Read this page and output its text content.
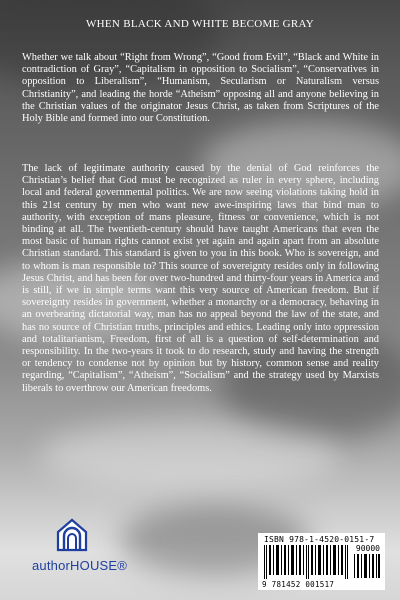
WHEN BLACK AND WHITE BECOME GRAY

Whether we talk about “Right from Wrong”, “Good from Evil”, “Black and White in contradiction of Gray”, “Capitalism in opposition to Socialism”, “Conservatives in opposition to Liberalism”, “Humanism, Secularism or Naturalism versus Christianity”, and leading the horde “Atheism” opposing all and anyone believing in the Christian values of the originator Jesus Christ, as taken from Scriptures of the Holy Bible and formed into our Constitution.

The lack of legitimate authority caused by the denial of God reinforces the Christian’s belief that God must be recognized as ruler in every sphere, including local and federal governmental politics. We are now seeing violations taking hold in this 21st century by men who want new awe-inspiring laws that bind man to authority, with exception of mans pleasure, fitness or convenience, which is not binding at all. The twentieth-century should have taught Americans that even the most basic of human rights cannot exist yet again and again apart from an absolute Christian standard. This standard is given to you in this book. Who is sovereign, and to whom is man responsible to? This source of sovereignty resides only in following Jesus Christ, and has been for over two-hundred and thirty-four years in America and is still, if we in simple terms want this very source of American freedom. But if sovereignty resides in government, whether a monarchy or a democracy, behaving in an overbearing dictatorial way, man has no appeal beyond the law of the state, and has no source of Christian truths, principles and ethics. Leading only into oppression and totalitarianism, Freedom, first of all is a question of self-determination and responsibility. In the two-years it took to do research, study and having the strength or tendency to condense not by opinion but by history, common sense and reality regarding, “Capitalism”, “Atheism”, “Socialism” and the strategy used by Marxists liberals to overthrow our American freedoms.

authorHOUSE®
ISBN 978-1-4520-0151-7
90000
9 781452 001517
